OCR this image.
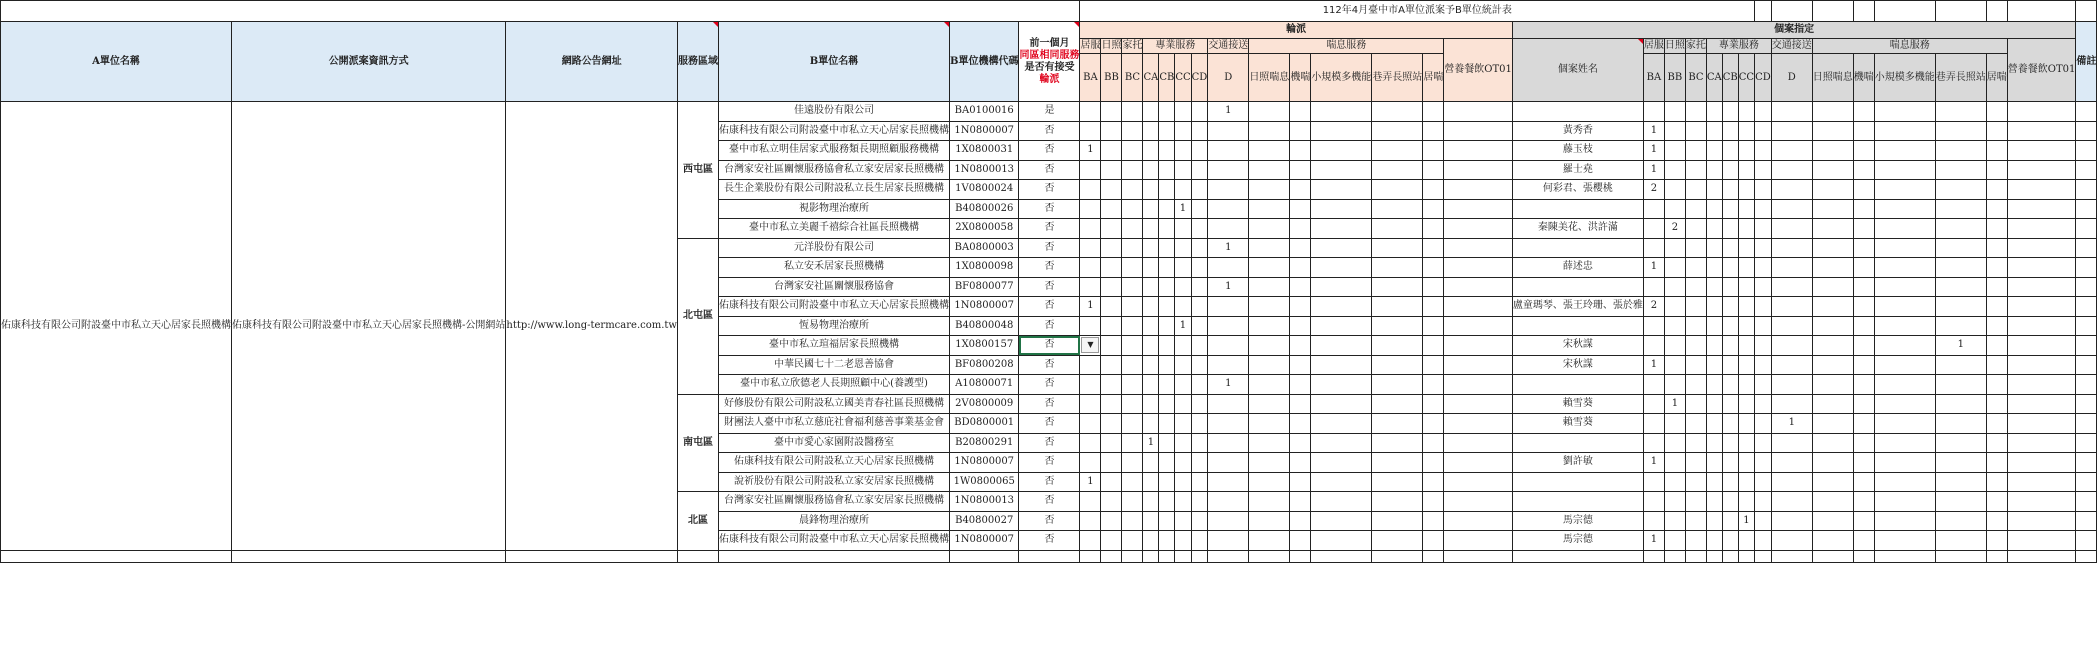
							112年4月臺中市A單位派案予B單位統計表																													
A單位名稱	公開派案資訊方式	網路公告網址	服務區域	B單位名稱	B單位機構代碼	前一個月
同區相同服務
是否有接受
輪派	輪派														個案指定															備註
							居服	日照	家托	專業服務				交通接送	喘息服務					營養餐飲OT01	個案姓名	居服	日照	家托	專業服務				交通接送	喘息服務					營養餐飲OT01	
							BA	BB	BC	CA	CB	CC	CD	D	日照喘息	機喘	小規模多機能	巷弄長照站	居喘			BA	BB	BC	CA	CB	CC	CD	D	日照喘息	機喘	小規模多機能	巷弄長照站	居喘		
佑康科技有限公司附設臺中市私立天心居家長照機構	佑康科技有限公司附設臺中市私立天心居家長照機構-公開網站	http://www.long-termcare.com.tw	西屯區	佳遠股份有限公司	BA0100016	是								1																						
				佑康科技有限公司附設臺中市私立天心居家長照機構	1N0800007	否															黃秀香	1														
				臺中市私立明佳居家式服務類長期照顧服務機構	1X0800031	否	1														藤玉枝	1														
				台灣家安社區關懷服務協會私立家安居家長照機構	1N0800013	否															羅士堯	1														
				長生企業股份有限公司附設私立長生居家長照機構	1V0800024	否															何彩君、張櫻桃	2														
				視影物理治療所	B40800026	否						1																								
				臺中市私立美麗千禧綜合社區長照機構	2X0800058	否															秦陳美花、洪許滿		2													
			北屯區	元洋股份有限公司	BA0800003	否								1																						
				私立安禾居家長照機構	1X0800098	否															薛述忠	1														
				台灣家安社區關懷服務協會	BF0800077	否								1																						
				佑康科技有限公司附設臺中市私立天心居家長照機構	1N0800007	否	1														盧童瑪琴、張王玲珊、張於雅	2														
				恆易物理治療所	B40800048	否						1																								
				臺中市私立瑄福居家長照機構	1X0800157	否	▼														宋秋謀												1			
				中華民國七十二老恩善協會	BF0800208	否															宋秋謀	1														
				臺中市私立欣德老人長期照顧中心(養護型)	A10800071	否								1																						
			南屯區	好修股份有限公司附設私立國美青春社區長照機構	2V0800009	否															賴雪葵		1													
				財團法人臺中市私立慈庇社會福利慈善事業基金會	BD0800001	否															賴雪葵								1							
				臺中市愛心家園附設醫務室	B20800291	否				1																										
				佑康科技有限公司附設私立天心居家長照機構	1N0800007	否															劉許敏	1														
				說祈股份有限公司附設私立家安居家長照機構	1W0800065	否	1																													
			北區	台灣家安社區關懷服務協會私立家安居家長照機構	1N0800013	否																														
				晨鋒物理治療所	B40800027	否															馬宗德						1									
				佑康科技有限公司附設臺中市私立天心居家長照機構	1N0800007	否															馬宗德	1														
